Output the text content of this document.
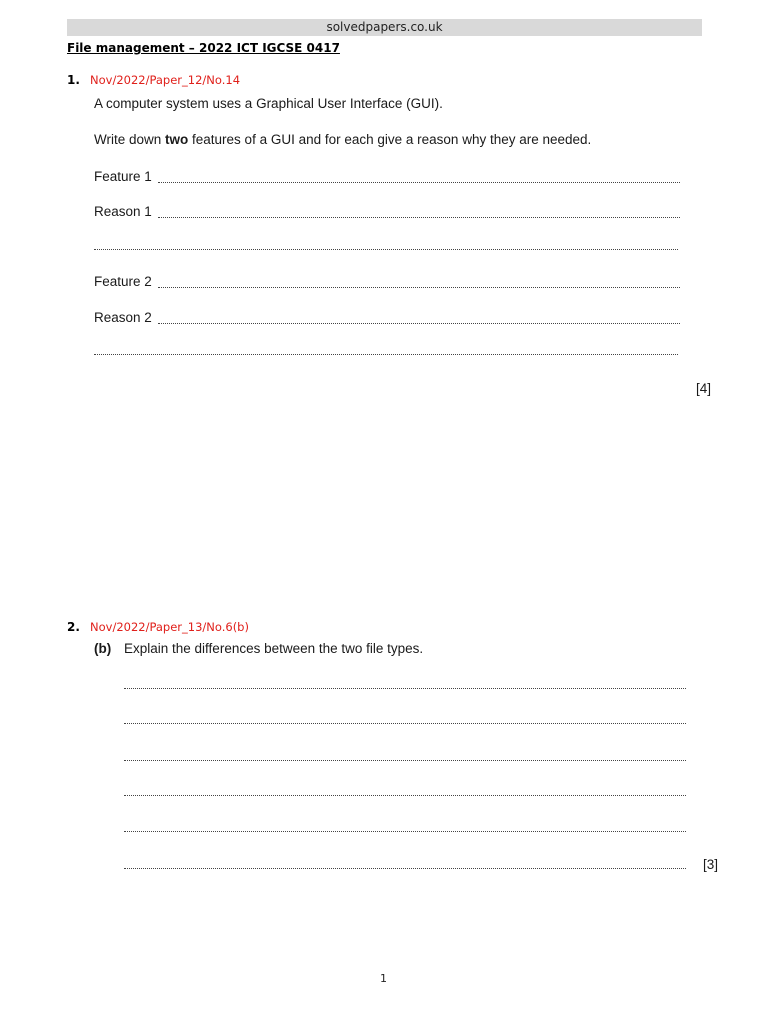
solvedpapers.co.uk
File management – 2022 ICT IGCSE 0417
1. Nov/2022/Paper_12/No.14
A computer system uses a Graphical User Interface (GUI).
Write down two features of a GUI and for each give a reason why they are needed.
Feature 1
Reason 1
Feature 2
Reason 2
[4]
2. Nov/2022/Paper_13/No.6(b)
(b) Explain the differences between the two file types.
[3]
1
